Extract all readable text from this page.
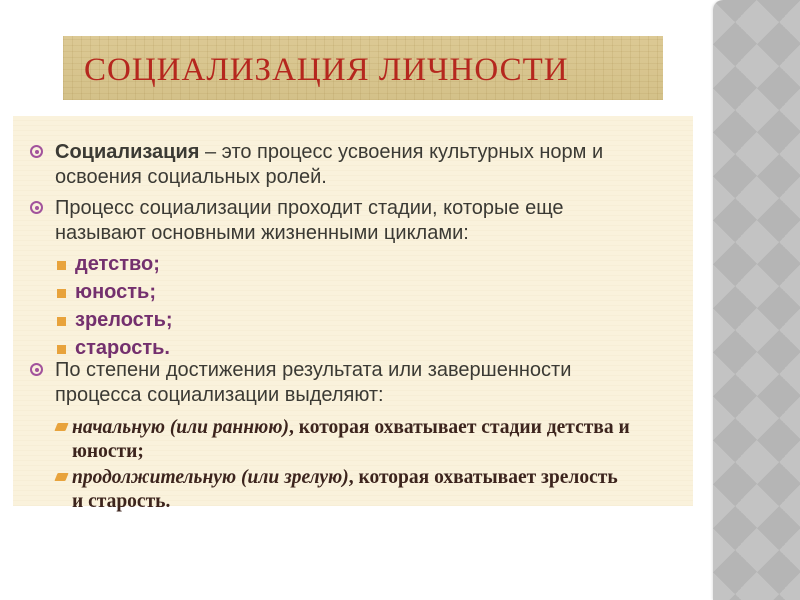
СОЦИАЛИЗАЦИЯ ЛИЧНОСТИ
Социализация – это процесс усвоения культурных норм и освоения социальных ролей.
Процесс социализации проходит стадии, которые еще называют основными жизненными циклами:
детство;
юность;
зрелость;
старость.
По степени достижения результата или завершенности процесса социализации выделяют:
начальную (или раннюю), которая охватывает стадии детства и юности;
продолжительную (или зрелую), которая охватывает зрелость и старость.
